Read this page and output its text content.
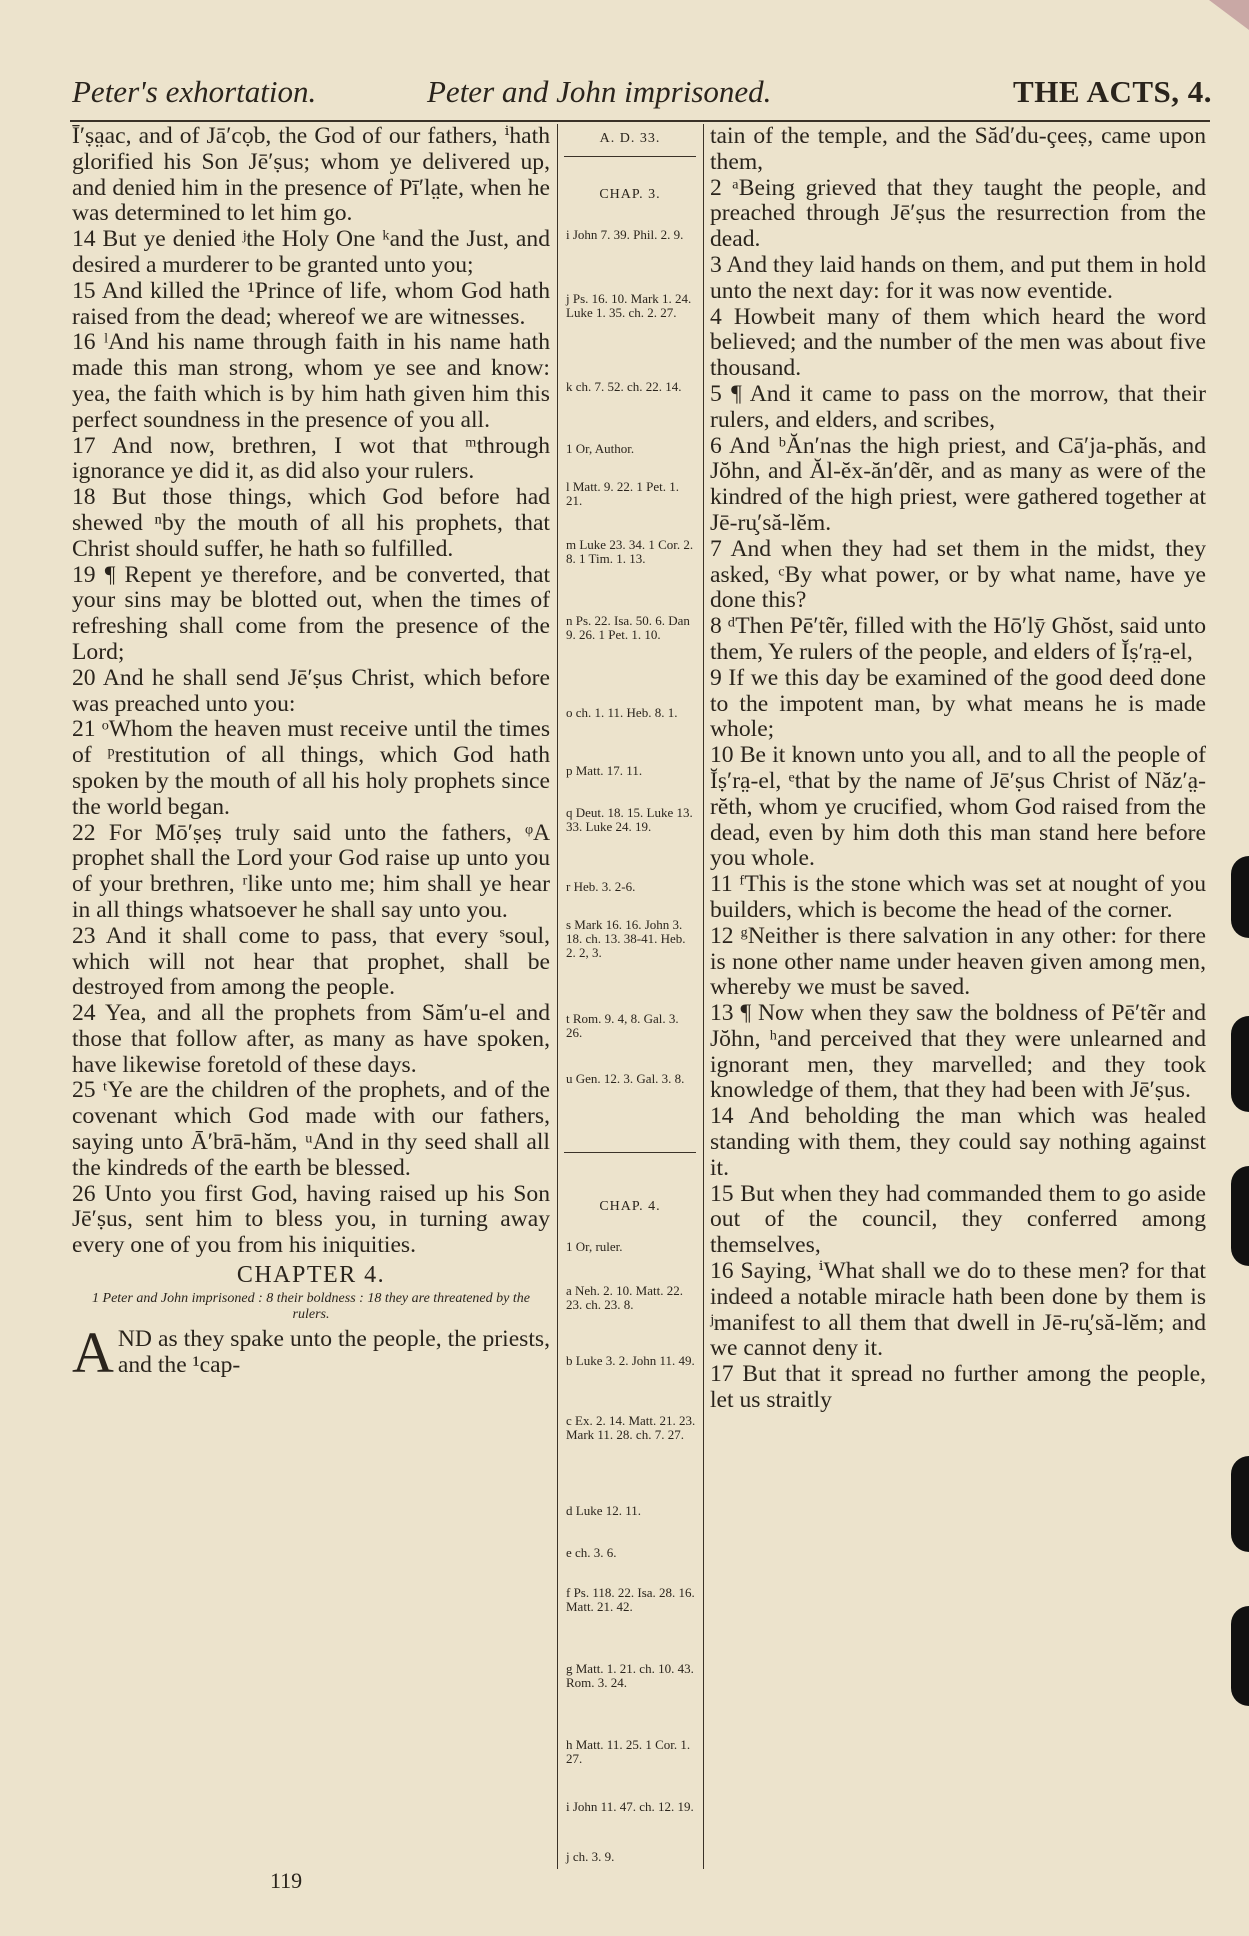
Peter's exhortation.	Peter and John imprisoned.	THE ACTS, 4.

Ī′ṣa̤ac, and of Jā′cọb, the God of our fathers, ⁱhath glorified his Son Jē′ṣus; whom ye delivered up, and denied him in the presence of Pī′la̤te, when he was determined to let him go.

14 But ye denied ʲthe Holy One ᵏand the Just, and desired a murderer to be granted unto you;

15 And killed the ¹Prince of life, whom God hath raised from the dead; whereof we are witnesses.

16 ˡAnd his name through faith in his name hath made this man strong, whom ye see and know: yea, the faith which is by him hath given him this perfect soundness in the presence of you all.

17 And now, brethren, I wot that ᵐthrough ignorance ye did it, as did also your rulers.

18 But those things, which God before had shewed ⁿby the mouth of all his prophets, that Christ should suffer, he hath so fulfilled.

19 ¶ Repent ye therefore, and be converted, that your sins may be blotted out, when the times of refreshing shall come from the presence of the Lord;

20 And he shall send Jē′ṣus Christ, which before was preached unto you:

21 ᵒWhom the heaven must receive until the times of ᵖrestitution of all things, which God hath spoken by the mouth of all his holy prophets since the world began.

22 For Mō′ṣeṣ truly said unto the fathers, ᵠA prophet shall the Lord your God raise up unto you of your brethren, ʳlike unto me; him shall ye hear in all things whatsoever he shall say unto you.

23 And it shall come to pass, that every ˢsoul, which will not hear that prophet, shall be destroyed from among the people.

24 Yea, and all the prophets from Săm′u-el and those that follow after, as many as have spoken, have likewise foretold of these days.

25 ᵗYe are the children of the prophets, and of the covenant which God made with our fathers, saying unto Ā′brā-hăm, ᵘAnd in thy seed shall all the kindreds of the earth be blessed.

26 Unto you first God, having raised up his Son Jē′ṣus, sent him to bless you, in turning away every one of you from his iniquities.

CHAPTER 4.
1 Peter and John imprisoned : 8 their boldness : 18 they are threatened by the rulers.

AND as they spake unto the people, the priests, and the ¹cap-

A. D. 33.
CHAP. 3.
i John 7. 39. Phil. 2. 9.
j Ps. 16. 10. Mark 1. 24. Luke 1. 35. ch. 2. 27.
k ch. 7. 52. ch. 22. 14.
1 Or, Author.
l Matt. 9. 22. 1 Pet. 1. 21.
m Luke 23. 34. 1 Cor. 2. 8. 1 Tim. 1. 13.
n Ps. 22. Isa. 50. 6. Dan 9. 26. 1 Pet. 1. 10.
o ch. 1. 11. Heb. 8. 1.
p Matt. 17. 11.
q Deut. 18. 15. Luke 13. 33. Luke 24. 19.
r Heb. 3. 2-6.
s Mark 16. 16. John 3. 18. ch. 13. 38-41. Heb. 2. 2, 3.
t Rom. 9. 4, 8. Gal. 3. 26.
u Gen. 12. 3. Gal. 3. 8.
CHAP. 4.
1 Or, ruler.
a Neh. 2. 10. Matt. 22. 23. ch. 23. 8.
b Luke 3. 2. John 11. 49.
c Ex. 2. 14. Matt. 21. 23. Mark 11. 28. ch. 7. 27.
d Luke 12. 11.
e ch. 3. 6.
f Ps. 118. 22. Isa. 28. 16. Matt. 21. 42.
g Matt. 1. 21. ch. 10. 43. Rom. 3. 24.
h Matt. 11. 25. 1 Cor. 1. 27.
i John 11. 47. ch. 12. 19.
j ch. 3. 9.

tain of the temple, and the Săd′du-çeeṣ, came upon them,

2 ᵃBeing grieved that they taught the people, and preached through Jē′ṣus the resurrection from the dead.

3 And they laid hands on them, and put them in hold unto the next day: for it was now eventide.

4 Howbeit many of them which heard the word believed; and the number of the men was about five thousand.

5 ¶ And it came to pass on the morrow, that their rulers, and elders, and scribes,

6 And ᵇĂn′nas the high priest, and Cā′ja-phăs, and Jŏhn, and Ăl-ĕx-ăn′dẽr, and as many as were of the kindred of the high priest, were gathered together at Jē-ru̧′să-lĕm.

7 And when they had set them in the midst, they asked, ᶜBy what power, or by what name, have ye done this?

8 ᵈThen Pē′tẽr, filled with the Hō′lȳ Ghŏst, said unto them, Ye rulers of the people, and elders of Ĭṣ′ra̤-el,

9 If we this day be examined of the good deed done to the impotent man, by what means he is made whole;

10 Be it known unto you all, and to all the people of Ĭṣ′ra̤-el, ᵉthat by the name of Jē′ṣus Christ of Năz′a̤-rĕth, whom ye crucified, whom God raised from the dead, even by him doth this man stand here before you whole.

11 ᶠThis is the stone which was set at nought of you builders, which is become the head of the corner.

12 ᵍNeither is there salvation in any other: for there is none other name under heaven given among men, whereby we must be saved.

13 ¶ Now when they saw the boldness of Pē′tẽr and Jŏhn, ʰand perceived that they were unlearned and ignorant men, they marvelled; and they took knowledge of them, that they had been with Jē′ṣus.

14 And beholding the man which was healed standing with them, they could say nothing against it.

15 But when they had commanded them to go aside out of the council, they conferred among themselves,

16 Saying, ⁱWhat shall we do to these men? for that indeed a notable miracle hath been done by them is ʲmanifest to all them that dwell in Jē-ru̧′să-lĕm; and we cannot deny it.

17 But that it spread no further among the people, let us straitly

119
